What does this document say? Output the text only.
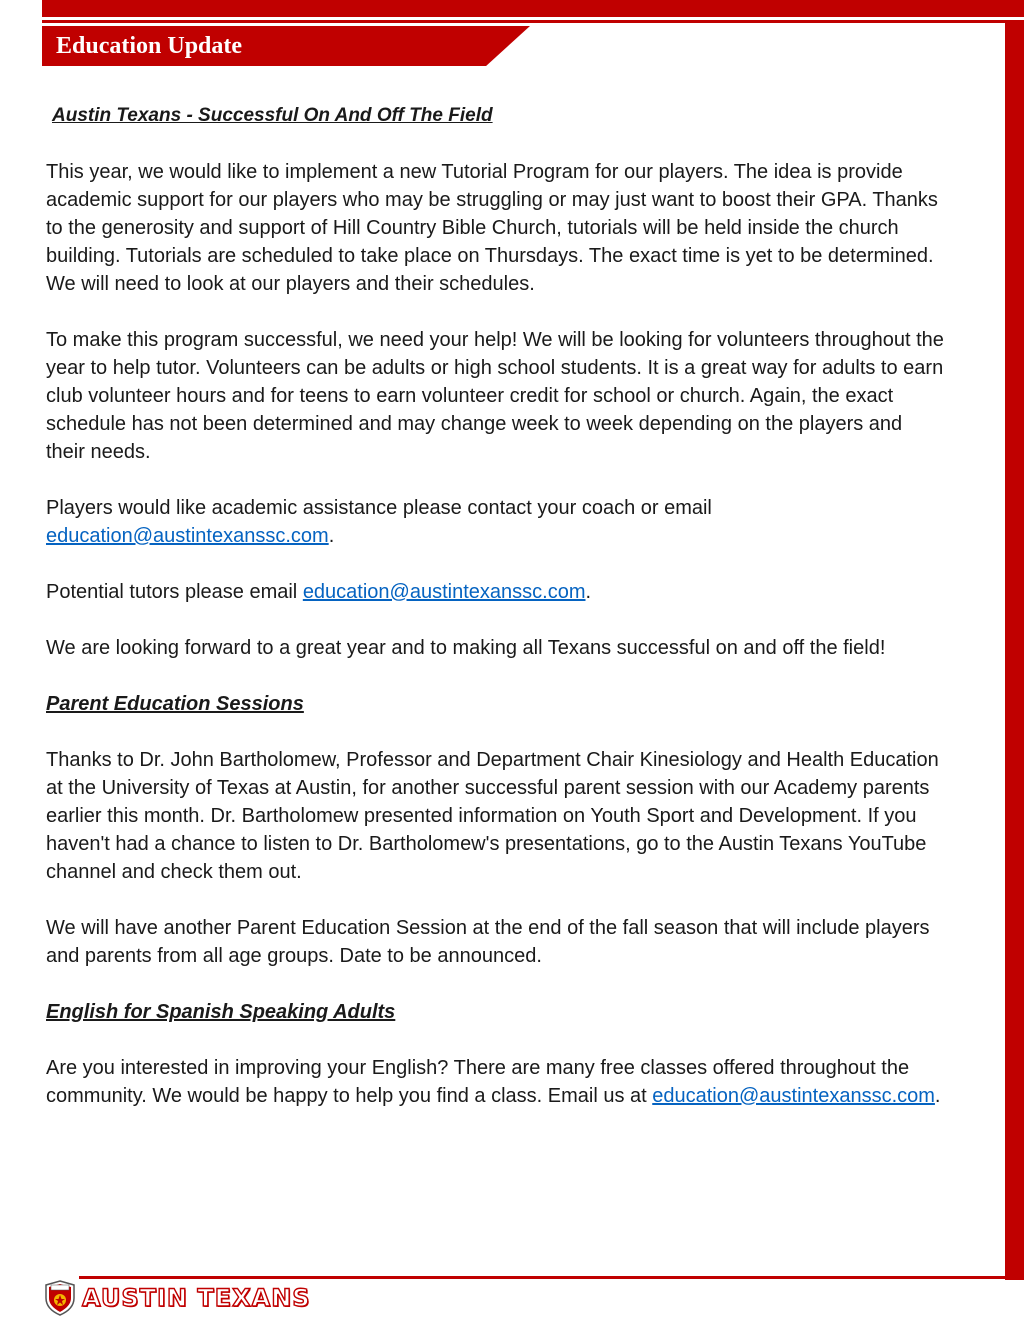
Education Update

Austin Texans - Successful On And Off The Field

This year, we would like to implement a new Tutorial Program for our players. The idea is provide academic support for our players who may be struggling or may just want to boost their GPA. Thanks to the generosity and support of Hill Country Bible Church, tutorials will be held inside the church building. Tutorials are scheduled to take place on Thursdays. The exact time is yet to be determined. We will need to look at our players and their schedules.

To make this program successful, we need your help! We will be looking for volunteers throughout the year to help tutor. Volunteers can be adults or high school students. It is a great way for adults to earn club volunteer hours and for teens to earn volunteer credit for school or church. Again, the exact schedule has not been determined and may change week to week depending on the players and their needs.

Players would like academic assistance please contact your coach or email education@austintexanssc.com.

Potential tutors please email education@austintexanssc.com.

We are looking forward to a great year and to making all Texans successful on and off the field!

Parent Education Sessions

Thanks to Dr. John Bartholomew, Professor and Department Chair Kinesiology and Health Education at the University of Texas at Austin, for another successful parent session with our Academy parents earlier this month. Dr. Bartholomew presented information on Youth Sport and Development. If you haven't had a chance to listen to Dr. Bartholomew's presentations, go to the Austin Texans YouTube channel and check them out.

We will have another Parent Education Session at the end of the fall season that will include players and parents from all age groups. Date to be announced.

English for Spanish Speaking Adults

Are you interested in improving your English? There are many free classes offered throughout the community. We would be happy to help you find a class. Email us at education@austintexanssc.com.

AUSTIN TEXANS
